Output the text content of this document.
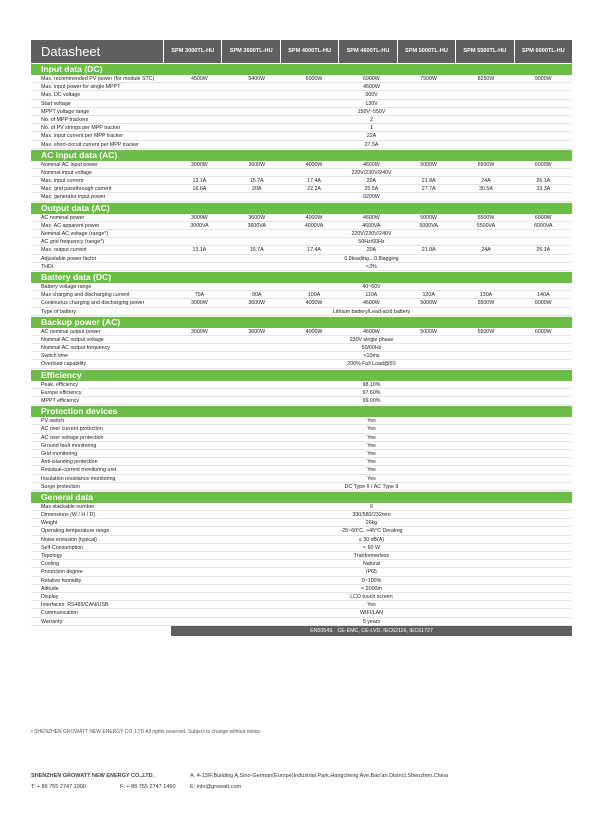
Datasheet	SPM 3000TL-HU	SPM 3600TL-HU	SPM 4000TL-HU	SPM 4600TL-HU	SPM 5000TL-HU	SPM 5500TL-HU	SPM 6000TL-HU
Input data (DC)
Max. recommended PV power (for module STC)	4500W	5400W	6000W	6900W	7500W	8250W	9000W
Max. input power for single MPPT	4500W
Max. DC voltage	600V
Start voltage	130V
MPPT voltage range	150V~550V
No. of MPP trackers	2
No. of PV strings per MPP tracker	1
Max. input current per MPP tracker	22A
Max. short-circuit current per MPP tracker	27.5A
AC input data (AC)
Nominal AC input power	3000W	3600W	4000W	4600W	5000W	5500W	6000W
Nominal input voltage	220V/230V/240V
Max. input current	13.1A	15.7A	17.4A	20A	21.8A	24A	26.1A
Max. grid passthrough current	16.6A	20A	22.2A	25.5A	27.7A	30.5A	33.3A
Max. generator input power	9200W
Output data (AC)
AC nominal power	3000W	3600W	4000W	4600W	5000W	5500W	6000W
Max. AC apparent power	3000VA	3600VA	4000VA	4600VA	5000VA	5500VA	6000VA
Nominal AC voltage (range*)	220V/230V/240V
AC grid frequency (range*)	50Hz/60Hz
Max. output current	13.1A	15.7A	17.4A	20A	21.8A	24A	26.1A
Adjustable power factor	0.8leading…0.8lagging
THDi	<3%
Battery data (DC)
Battery voltage range	40~60V
Max charging and discharging current	70A	90A	100A	110A	120A	130A	140A
Continuous charging and discharging power	3000W	3600W	4000W	4600W	5000W	5500W	6000W
Type of battery	Lithium battery/Lead-acid battery
Backup power (AC)
AC nominal output power	3000W	3600W	4000W	4600W	5000W	5500W	6000W
Nominal AC output voltage	230V single phase
Nominal AC output frequency	50/60Hz
Switch time	<10ms
Overload capability	200% Full Load@5S
Efficiency
Peak. efficiency	98.10%
Europe efficiency	97.60%
MPPT efficiency	99.00%
Protection devices
PV switch	Yes
AC over current protection	Yes
AC over voltage protection	Yes
Ground fault monitoring	Yes
Grid monitoring	Yes
Anti-islanding protection	Yes
Residual-current monitoring unit	Yes
Insulation resistance monitoring	Yes
Surge protection	DC Type II / AC Type II
General data
Max stackable number	6
Dimensions (W / H / D)	330/580/232mm
Weight	26kg
Operating temperature range	-25~60°C, >45°C Derating
Noise emission (typical)	≤ 30 dB(A)
Self-Consumption	< 60 W
Topology	Tranformerless
Cooling	Natural
Protection degree	IP65
Relative humidity	0~100%
Altitude	< 2000m
Display	LCD touch screen
Interfaces: RS485/CAN/USB	Yes
Communication	WIFI/LAN
Warranty	5 years
EN50549、CE-EMC, CE-LVD, IEC62116, IEC61727
• SHENZHEN GROWATT NEW ENERGY CO.,LTD All rights reserved. Subject to change without notice.
SHENZHEN GROWATT NEW ENERGY CO.,LTD.
T: + 86 755 2747 1900	F: + 86 755 2747 1460
A: 4-13/F,Building A,Sino-German(Europe)Industrial Park,Hangcheng Ave,Bao'an District,Shenzhen,China
E: info@growatt.com
